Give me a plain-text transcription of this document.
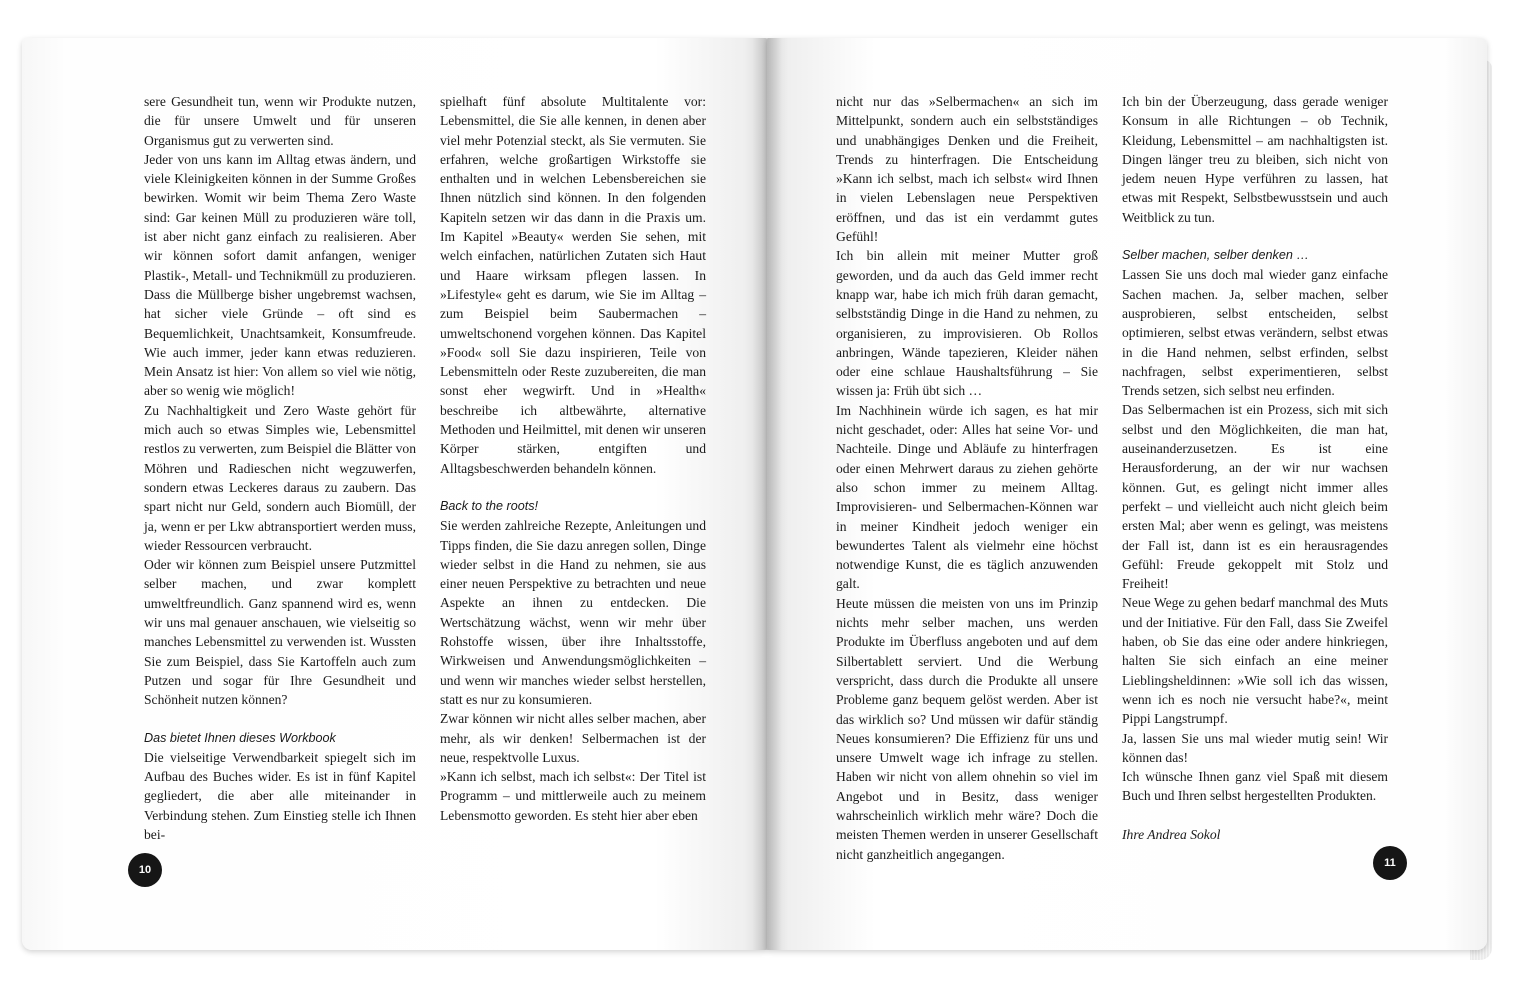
sere Gesundheit tun, wenn wir Produkte nutzen, die für unsere Umwelt und für unseren Organismus gut zu verwerten sind.

Jeder von uns kann im Alltag etwas ändern, und viele Kleinigkeiten können in der Summe Großes bewirken. Womit wir beim Thema Zero Waste sind: Gar keinen Müll zu produzieren wäre toll, ist aber nicht ganz einfach zu realisieren. Aber wir können sofort damit anfangen, weniger Plastik-, Metall- und Technikmüll zu produzieren. Dass die Müllberge bisher ungebremst wachsen, hat sicher viele Gründe – oft sind es Bequemlichkeit, Unachtsamkeit, Konsumfreude. Wie auch immer, jeder kann etwas reduzieren. Mein Ansatz ist hier: Von allem so viel wie nötig, aber so wenig wie möglich!

Zu Nachhaltigkeit und Zero Waste gehört für mich auch so etwas Simples wie, Lebensmittel restlos zu verwerten, zum Beispiel die Blätter von Möhren und Radieschen nicht wegzuwerfen, sondern etwas Leckeres daraus zu zaubern. Das spart nicht nur Geld, sondern auch Biomüll, der ja, wenn er per Lkw abtransportiert werden muss, wieder Ressourcen verbraucht.

Oder wir können zum Beispiel unsere Putzmittel selber machen, und zwar komplett umweltfreundlich. Ganz spannend wird es, wenn wir uns mal genauer anschauen, wie vielseitig so manches Lebensmittel zu verwenden ist. Wussten Sie zum Beispiel, dass Sie Kartoffeln auch zum Putzen und sogar für Ihre Gesundheit und Schönheit nutzen können?

Das bietet Ihnen dieses Workbook

Die vielseitige Verwendbarkeit spiegelt sich im Aufbau des Buches wider. Es ist in fünf Kapitel gegliedert, die aber alle miteinander in Verbindung stehen. Zum Einstieg stelle ich Ihnen bei-

spielhaft fünf absolute Multitalente vor: Lebensmittel, die Sie alle kennen, in denen aber viel mehr Potenzial steckt, als Sie vermuten. Sie erfahren, welche großartigen Wirkstoffe sie enthalten und in welchen Lebensbereichen sie Ihnen nützlich sind können. In den folgenden Kapiteln setzen wir das dann in die Praxis um. Im Kapitel »Beauty« werden Sie sehen, mit welch einfachen, natürlichen Zutaten sich Haut und Haare wirksam pflegen lassen. In »Lifestyle« geht es darum, wie Sie im Alltag – zum Beispiel beim Saubermachen – umweltschonend vorgehen können. Das Kapitel »Food« soll Sie dazu inspirieren, Teile von Lebensmitteln oder Reste zuzubereiten, die man sonst eher wegwirft. Und in »Health« beschreibe ich altbewährte, alternative Methoden und Heilmittel, mit denen wir unseren Körper stärken, entgiften und Alltagsbeschwerden behandeln können.

Back to the roots!

Sie werden zahlreiche Rezepte, Anleitungen und Tipps finden, die Sie dazu anregen sollen, Dinge wieder selbst in die Hand zu nehmen, sie aus einer neuen Perspektive zu betrachten und neue Aspekte an ihnen zu entdecken. Die Wertschätzung wächst, wenn wir mehr über Rohstoffe wissen, über ihre Inhaltsstoffe, Wirkweisen und Anwendungsmöglichkeiten – und wenn wir manches wieder selbst herstellen, statt es nur zu konsumieren.

Zwar können wir nicht alles selber machen, aber mehr, als wir denken! Selbermachen ist der neue, respektvolle Luxus.

»Kann ich selbst, mach ich selbst«: Der Titel ist Programm – und mittlerweile auch zu meinem Lebensmotto geworden. Es steht hier aber eben

nicht nur das »Selbermachen« an sich im Mittelpunkt, sondern auch ein selbstständiges und unabhängiges Denken und die Freiheit, Trends zu hinterfragen. Die Entscheidung »Kann ich selbst, mach ich selbst« wird Ihnen in vielen Lebenslagen neue Perspektiven eröffnen, und das ist ein verdammt gutes Gefühl!

Ich bin allein mit meiner Mutter groß geworden, und da auch das Geld immer recht knapp war, habe ich mich früh daran gemacht, selbstständig Dinge in die Hand zu nehmen, zu organisieren, zu improvisieren. Ob Rollos anbringen, Wände tapezieren, Kleider nähen oder eine schlaue Haushaltsführung – Sie wissen ja: Früh übt sich …

Im Nachhinein würde ich sagen, es hat mir nicht geschadet, oder: Alles hat seine Vor- und Nachteile. Dinge und Abläufe zu hinterfragen oder einen Mehrwert daraus zu ziehen gehörte also schon immer zu meinem Alltag. Improvisieren- und Selbermachen-Können war in meiner Kindheit jedoch weniger ein bewundertes Talent als vielmehr eine höchst notwendige Kunst, die es täglich anzuwenden galt.

Heute müssen die meisten von uns im Prinzip nichts mehr selber machen, uns werden Produkte im Überfluss angeboten und auf dem Silbertablett serviert. Und die Werbung verspricht, dass durch die Produkte all unsere Probleme ganz bequem gelöst werden. Aber ist das wirklich so? Und müssen wir dafür ständig Neues konsumieren? Die Effizienz für uns und unsere Umwelt wage ich infrage zu stellen. Haben wir nicht von allem ohnehin so viel im Angebot und in Besitz, dass weniger wahrscheinlich wirklich mehr wäre? Doch die meisten Themen werden in unserer Gesellschaft nicht ganzheitlich angegangen.

Ich bin der Überzeugung, dass gerade weniger Konsum in alle Richtungen – ob Technik, Kleidung, Lebensmittel – am nachhaltigsten ist. Dingen länger treu zu bleiben, sich nicht von jedem neuen Hype verführen zu lassen, hat etwas mit Respekt, Selbstbewusstsein und auch Weitblick zu tun.

Selber machen, selber denken …

Lassen Sie uns doch mal wieder ganz einfache Sachen machen. Ja, selber machen, selber ausprobieren, selbst entscheiden, selbst optimieren, selbst etwas verändern, selbst etwas in die Hand nehmen, selbst erfinden, selbst nachfragen, selbst experimentieren, selbst Trends setzen, sich selbst neu erfinden.

Das Selbermachen ist ein Prozess, sich mit sich selbst und den Möglichkeiten, die man hat, auseinanderzusetzen. Es ist eine Herausforderung, an der wir nur wachsen können. Gut, es gelingt nicht immer alles perfekt – und vielleicht auch nicht gleich beim ersten Mal; aber wenn es gelingt, was meistens der Fall ist, dann ist es ein herausragendes Gefühl: Freude gekoppelt mit Stolz und Freiheit!

Neue Wege zu gehen bedarf manchmal des Muts und der Initiative. Für den Fall, dass Sie Zweifel haben, ob Sie das eine oder andere hinkriegen, halten Sie sich einfach an eine meiner Lieblingsheldinnen: »Wie soll ich das wissen, wenn ich es noch nie versucht habe?«, meint Pippi Langstrumpf.

Ja, lassen Sie uns mal wieder mutig sein! Wir können das!

Ich wünsche Ihnen ganz viel Spaß mit diesem Buch und Ihren selbst hergestellten Produkten.

Ihre Andrea Sokol

10
11
